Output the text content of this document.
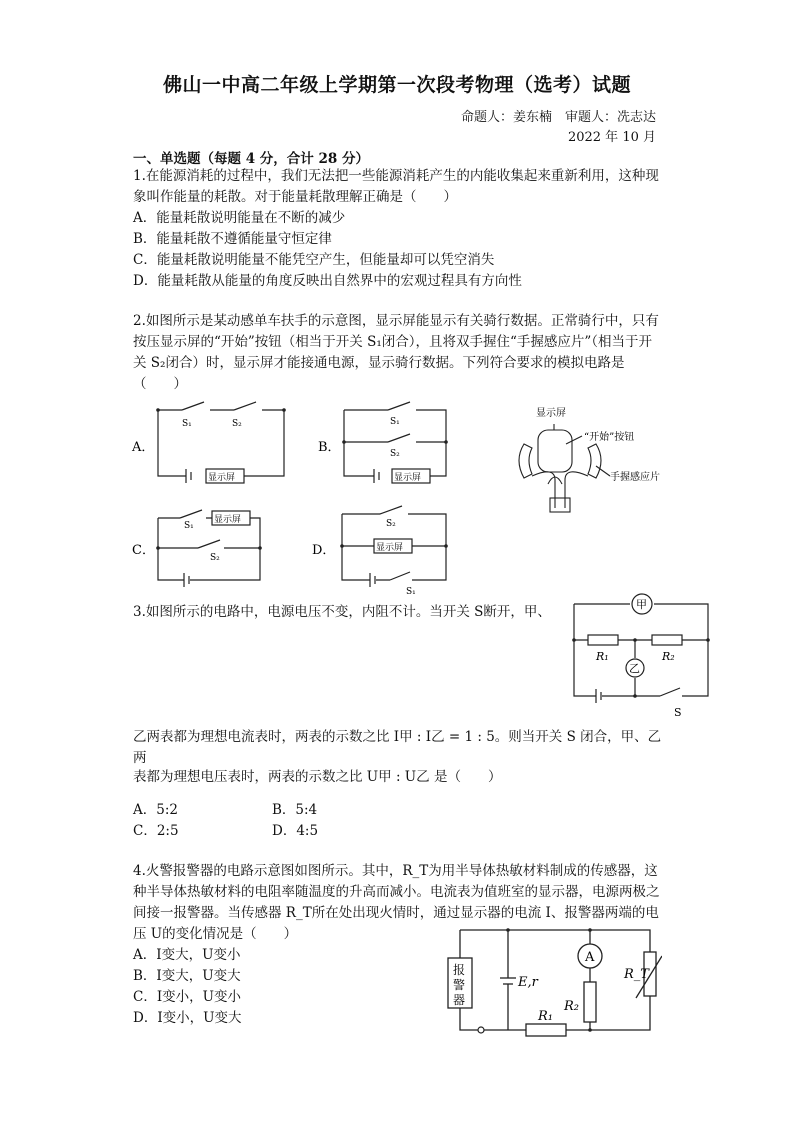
佛山一中高二年级上学期第一次段考物理（选考）试题
命题人：姜东楠　审题人：冼志达
2022 年 10 月
一、单选题（每题 4 分，合计 28 分）
1.在能源消耗的过程中，我们无法把一些能源消耗产生的内能收集起来重新利用，这种现象叫作能量的耗散。对于能量耗散理解正确是（　　）
A．能量耗散说明能量在不断的减少
B．能量耗散不遵循能量守恒定律
C．能量耗散说明能量不能凭空产生，但能量却可以凭空消失
D．能量耗散从能量的角度反映出自然界中的宏观过程具有方向性
2.如图所示是某动感单车扶手的示意图，显示屏能显示有关骑行数据。正常骑行中，只有按压显示屏的“开始”按钮（相当于开关 S₁闭合），且将双手握住“手握感应片”（相当于开关 S₂闭合）时，显示屏才能接通电源，显示骑行数据。下列符合要求的模拟电路是（　　）
A．	B．
C．	D．
S₁	S₂
显示屏
S₁
S₂
显示屏
S₁
S₂
显示屏	S₂
S₁
显示屏
显示屏
“开始”按钮
手握感应片
3.如图所示的电路中，电源电压不变，内阻不计。当开关 S断开，甲、	甲
乙
R₁	R₂
S
乙两表都为理想电流表时，两表的示数之比 I甲 : I乙 = 1 : 5。则当开关 S 闭合，甲、乙两
表都为理想电压表时，两表的示数之比 U甲 : U乙 是（　　）
A．5:2	B．5:4
C．2:5	D．4:5
4.火警报警器的电路示意图如图所示。其中，R_T为用半导体热敏材料制成的传感器，这种半导体热敏材料的电阻率随温度的升高而减小。电流表为值班室的显示器，电源两极之间接一报警器。当传感器 R_T所在处出现火情时，通过显示器的电流 I、报警器两端的电压 U的变化情况是（　　）
A．I变大，U变小
B．I变大，U变大
C．I变小，U变小
D．I变小，U变大
报
警
器
E,r
A
R₂
R₁
R_T
